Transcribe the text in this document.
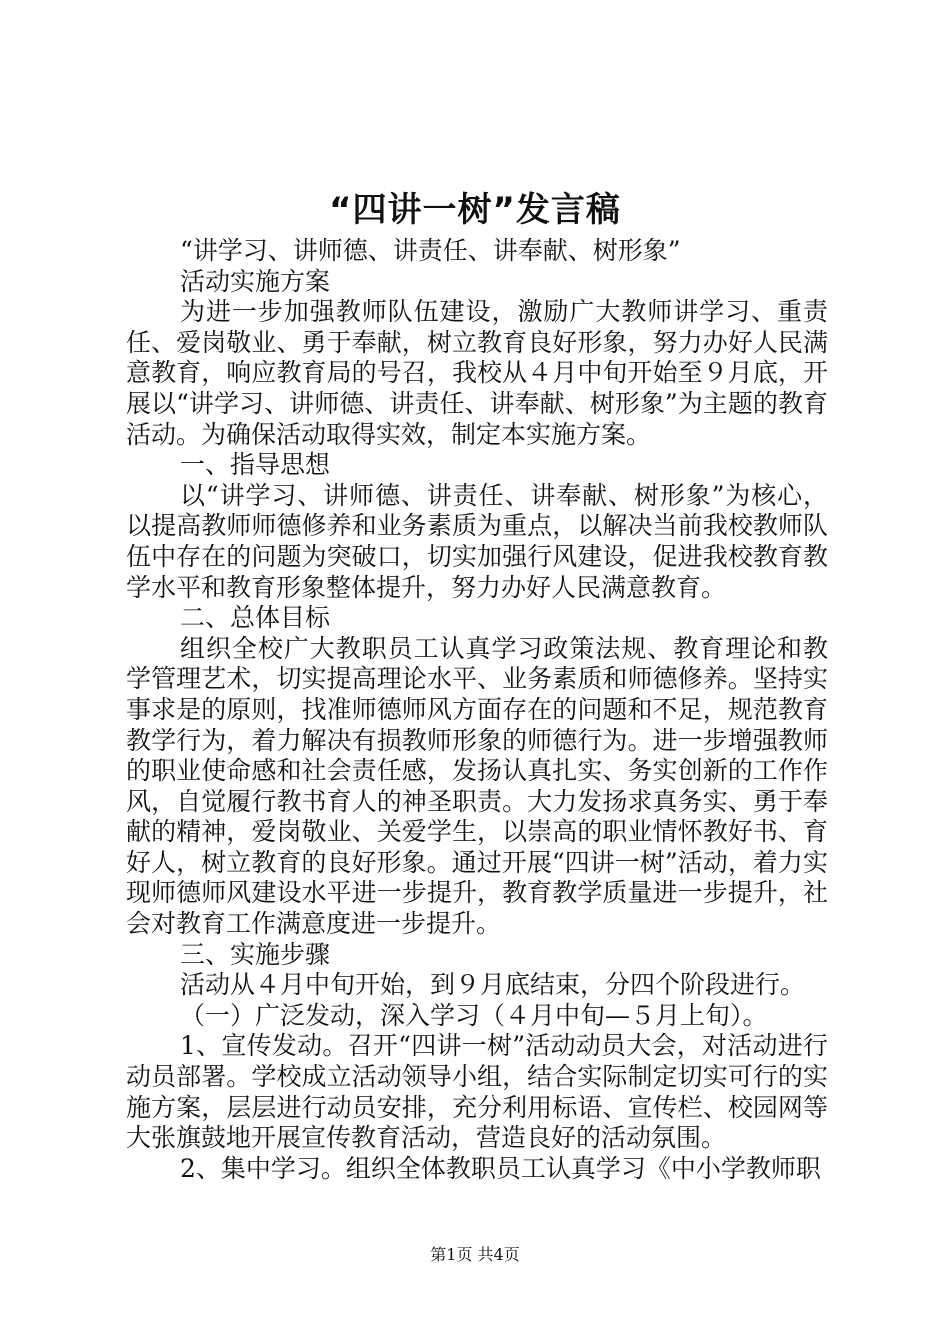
“四讲一树”发言稿

“讲学习、讲师德、讲责任、讲奉献、树形象”

活动实施方案

为进一步加强教师队伍建设，激励广大教师讲学习、重责任、爱岗敬业、勇于奉献，树立教育良好形象，努力办好人民满意教育，响应教育局的号召，我校从４月中旬开始至９月底，开展以“讲学习、讲师德、讲责任、讲奉献、树形象”为主题的教育活动。为确保活动取得实效，制定本实施方案。

一、指导思想

以“讲学习、讲师德、讲责任、讲奉献、树形象”为核心，以提高教师师德修养和业务素质为重点，以解决当前我校教师队伍中存在的问题为突破口，切实加强行风建设，促进我校教育教学水平和教育形象整体提升，努力办好人民满意教育。

二、总体目标

组织全校广大教职员工认真学习政策法规、教育理论和教学管理艺术，切实提高理论水平、业务素质和师德修养。坚持实事求是的原则，找准师德师风方面存在的问题和不足，规范教育教学行为，着力解决有损教师形象的师德行为。进一步增强教师的职业使命感和社会责任感，发扬认真扎实、务实创新的工作作风，自觉履行教书育人的神圣职责。大力发扬求真务实、勇于奉献的精神，爱岗敬业、关爱学生，以崇高的职业情怀教好书、育好人，树立教育的良好形象。通过开展“四讲一树”活动，着力实现师德师风建设水平进一步提升，教育教学质量进一步提升，社会对教育工作满意度进一步提升。

三、实施步骤

活动从４月中旬开始，到９月底结束，分四个阶段进行。

（一）广泛发动，深入学习（４月中旬—５月上旬）。

1、宣传发动。召开“四讲一树”活动动员大会，对活动进行动员部署。学校成立活动领导小组，结合实际制定切实可行的实施方案，层层进行动员安排，充分利用标语、宣传栏、校园网等大张旗鼓地开展宣传教育活动，营造良好的活动氛围。

2、集中学习。组织全体教职员工认真学习《中小学教师职

第1页 共4页
